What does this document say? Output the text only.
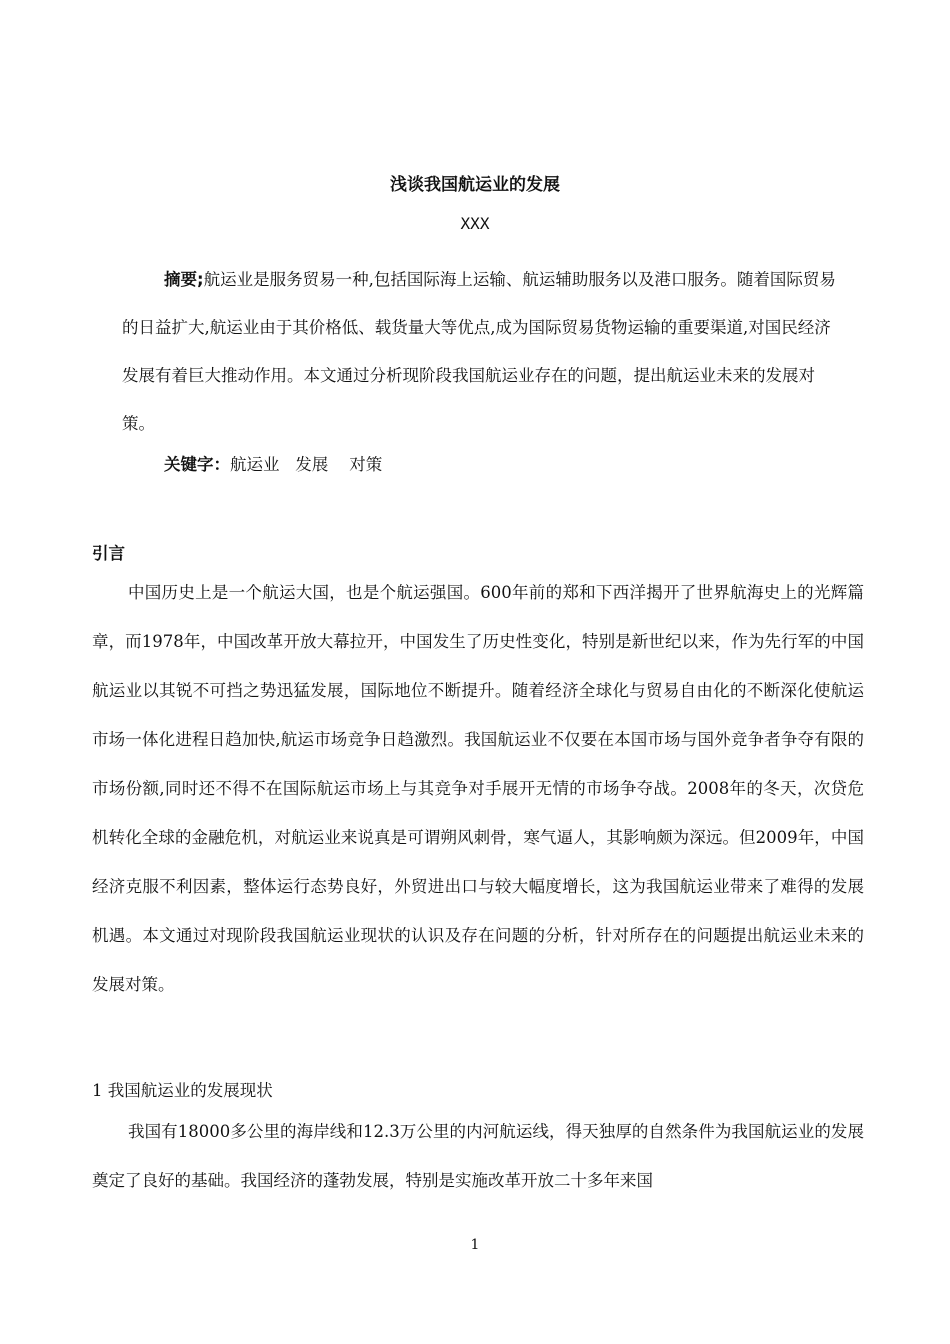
浅谈我国航运业的发展
XXX

摘要;航运业是服务贸易一种,包括国际海上运输、航运辅助服务以及港口服务。随着国际贸易的日益扩大,航运业由于其价格低、载货量大等优点,成为国际贸易货物运输的重要渠道,对国民经济发展有着巨大推动作用。本文通过分析现阶段我国航运业存在的问题，提出航运业未来的发展对策。

关键字：航运业   发展    对策
引言

中国历史上是一个航运大国，也是个航运强国。600年前的郑和下西洋揭开了世界航海史上的光辉篇章，而1978年，中国改革开放大幕拉开，中国发生了历史性变化，特别是新世纪以来，作为先行军的中国航运业以其锐不可挡之势迅猛发展，国际地位不断提升。随着经济全球化与贸易自由化的不断深化使航运市场一体化进程日趋加快,航运市场竞争日趋激烈。我国航运业不仅要在本国市场与国外竞争者争夺有限的市场份额,同时还不得不在国际航运市场上与其竞争对手展开无情的市场争夺战。2008年的冬天，次贷危机转化全球的金融危机，对航运业来说真是可谓朔风刺骨，寒气逼人，其影响颇为深远。但2009年，中国经济克服不利因素，整体运行态势良好，外贸进出口与较大幅度增长，这为我国航运业带来了难得的发展机遇。本文通过对现阶段我国航运业现状的认识及存在问题的分析，针对所存在的问题提出航运业未来的发展对策。

1 我国航运业的发展现状

我国有18000多公里的海岸线和12.3万公里的内河航运线，得天独厚的自然条件为我国航运业的发展奠定了良好的基础。我国经济的蓬勃发展，特别是实施改革开放二十多年来国

1
